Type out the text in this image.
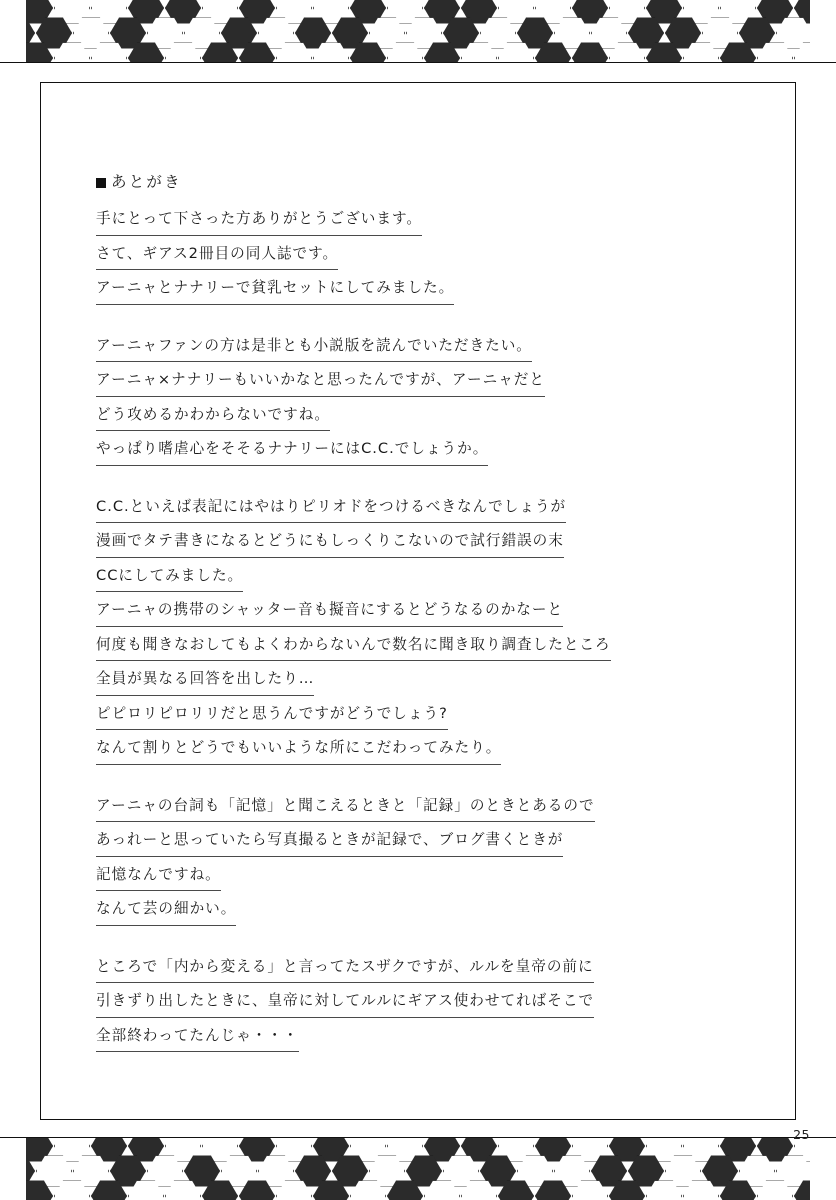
あとがき
手にとって下さった方ありがとうございます。
さて、ギアス2冊目の同人誌です。
アーニャとナナリーで貧乳セットにしてみました。
アーニャファンの方は是非とも小説版を読んでいただきたい。
アーニャ×ナナリーもいいかなと思ったんですが、アーニャだと
どう攻めるかわからないですね。
やっぱり嗜虐心をそそるナナリーにはC.C.でしょうか。
C.C.といえば表記にはやはりピリオドをつけるべきなんでしょうが
漫画でタテ書きになるとどうにもしっくりこないので試行錯誤の末
CCにしてみました。
アーニャの携帯のシャッター音も擬音にするとどうなるのかなーと
何度も聞きなおしてもよくわからないんで数名に聞き取り調査したところ
全員が異なる回答を出したり…
ピピロリピロリリだと思うんですがどうでしょう?
なんて割りとどうでもいいような所にこだわってみたり。
アーニャの台詞も「記憶」と聞こえるときと「記録」のときとあるので
あっれーと思っていたら写真撮るときが記録で、ブログ書くときが
記憶なんですね。
なんて芸の細かい。
ところで「内から変える」と言ってたスザクですが、ルルを皇帝の前に
引きずり出したときに、皇帝に対してルルにギアス使わせてればそこで
全部終わってたんじゃ・・・
25
